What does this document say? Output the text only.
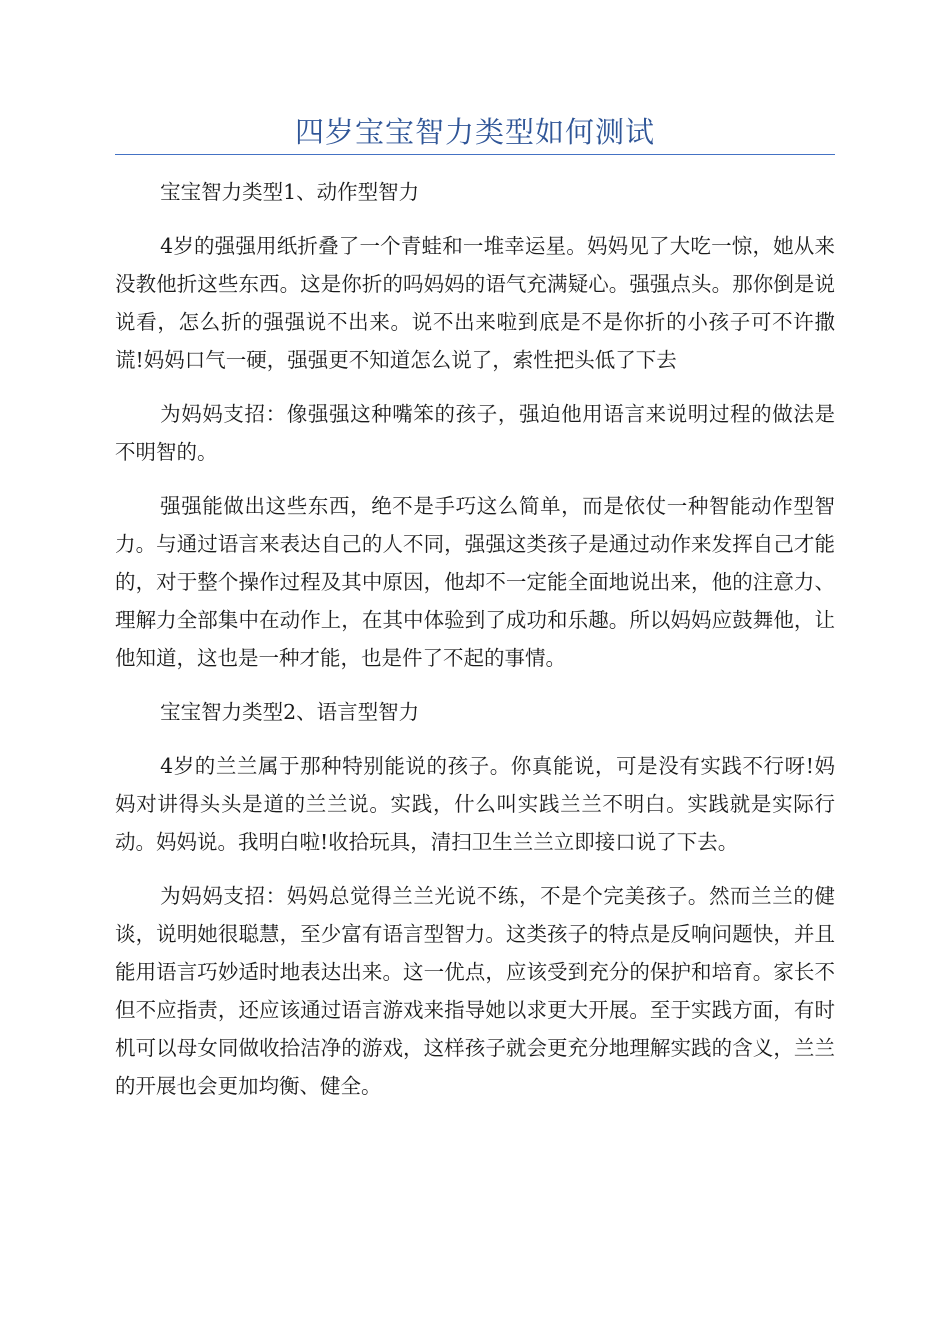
四岁宝宝智力类型如何测试

宝宝智力类型1、动作型智力

4岁的强强用纸折叠了一个青蛙和一堆幸运星。妈妈见了大吃一惊，她从来没教他折这些东西。这是你折的吗妈妈的语气充满疑心。强强点头。那你倒是说说看，怎么折的强强说不出来。说不出来啦到底是不是你折的小孩子可不许撒谎!妈妈口气一硬，强强更不知道怎么说了，索性把头低了下去

为妈妈支招：像强强这种嘴笨的孩子，强迫他用语言来说明过程的做法是不明智的。

强强能做出这些东西，绝不是手巧这么简单，而是依仗一种智能动作型智力。与通过语言来表达自己的人不同，强强这类孩子是通过动作来发挥自己才能的，对于整个操作过程及其中原因，他却不一定能全面地说出来，他的注意力、理解力全部集中在动作上，在其中体验到了成功和乐趣。所以妈妈应鼓舞他，让他知道，这也是一种才能，也是件了不起的事情。

宝宝智力类型2、语言型智力

4岁的兰兰属于那种特别能说的孩子。你真能说，可是没有实践不行呀!妈妈对讲得头头是道的兰兰说。实践，什么叫实践兰兰不明白。实践就是实际行动。妈妈说。我明白啦!收拾玩具，清扫卫生兰兰立即接口说了下去。

为妈妈支招：妈妈总觉得兰兰光说不练，不是个完美孩子。然而兰兰的健谈，说明她很聪慧，至少富有语言型智力。这类孩子的特点是反响问题快，并且能用语言巧妙适时地表达出来。这一优点，应该受到充分的保护和培育。家长不但不应指责，还应该通过语言游戏来指导她以求更大开展。至于实践方面，有时机可以母女同做收拾洁净的游戏，这样孩子就会更充分地理解实践的含义，兰兰的开展也会更加均衡、健全。
